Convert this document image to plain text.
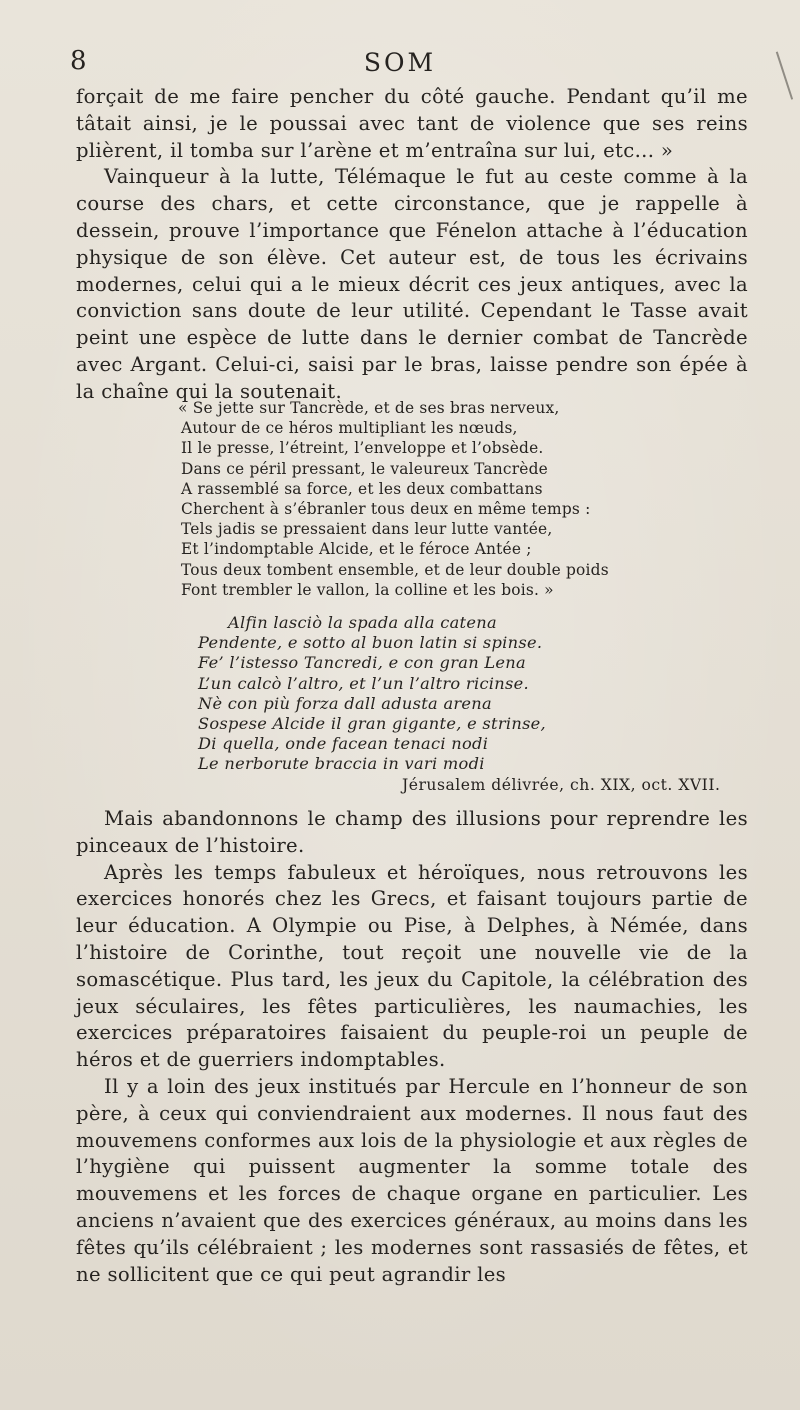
8	SOM

forçait de me faire pencher du côté gauche. Pendant qu’il me tâtait ainsi, je le poussai avec tant de violence que ses reins plièrent, il tomba sur l’arène et m’entraîna sur lui, etc... »

Vainqueur à la lutte, Télémaque le fut au ceste comme à la course des chars, et cette circonstance, que je rappelle à dessein, prouve l’importance que Fénelon attache à l’éducation physique de son élève. Cet auteur est, de tous les écrivains modernes, celui qui a le mieux décrit ces jeux antiques, avec la conviction sans doute de leur utilité. Cependant le Tasse avait peint une espèce de lutte dans le dernier combat de Tancrède avec Argant. Celui-ci, saisi par le bras, laisse pendre son épée à la chaîne qui la soutenait.

« Se jette sur Tancrède, et de ses bras nerveux,
Autour de ce héros multipliant les nœuds,
Il le presse, l’étreint, l’enveloppe et l’obsède.
Dans ce péril pressant, le valeureux Tancrède
A rassemblé sa force, et les deux combattans
Cherchent à s’ébranler tous deux en même temps :
Tels jadis se pressaient dans leur lutte vantée,
Et l’indomptable Alcide, et le féroce Antée ;
Tous deux tombent ensemble, et de leur double poids
Font trembler le vallon, la colline et les bois. »
Alfin lasciò la spada alla catena
Pendente, e sotto al buon latin si spinse.
Fe’ l’istesso Tancredi, e con gran Lena
L’un calcò l’altro, et l’un l’altro ricinse.
Nè con più forza dall adusta arena
Sospese Alcide il gran gigante, e strinse,
Di quella, onde facean tenaci nodi
Le nerborute braccia in vari modi
Jérusalem délivrée, ch. XIX, oct. XVII.

Mais abandonnons le champ des illusions pour reprendre les pinceaux de l’histoire.

Après les temps fabuleux et héroïques, nous retrouvons les exercices honorés chez les Grecs, et faisant toujours partie de leur éducation. A Olympie ou Pise, à Delphes, à Némée, dans l’histoire de Corinthe, tout reçoit une nouvelle vie de la somascétique. Plus tard, les jeux du Capitole, la célébration des jeux séculaires, les fêtes particulières, les naumachies, les exercices préparatoires faisaient du peuple-roi un peuple de héros et de guerriers indomptables.

Il y a loin des jeux institués par Hercule en l’honneur de son père, à ceux qui conviendraient aux modernes. Il nous faut des mouvemens conformes aux lois de la physiologie et aux règles de l’hygiène qui puissent augmenter la somme totale des mouvemens et les forces de chaque organe en particulier. Les anciens n’avaient que des exercices généraux, au moins dans les fêtes qu’ils célébraient ; les modernes sont rassasiés de fêtes, et ne sollicitent que ce qui peut agrandir les
